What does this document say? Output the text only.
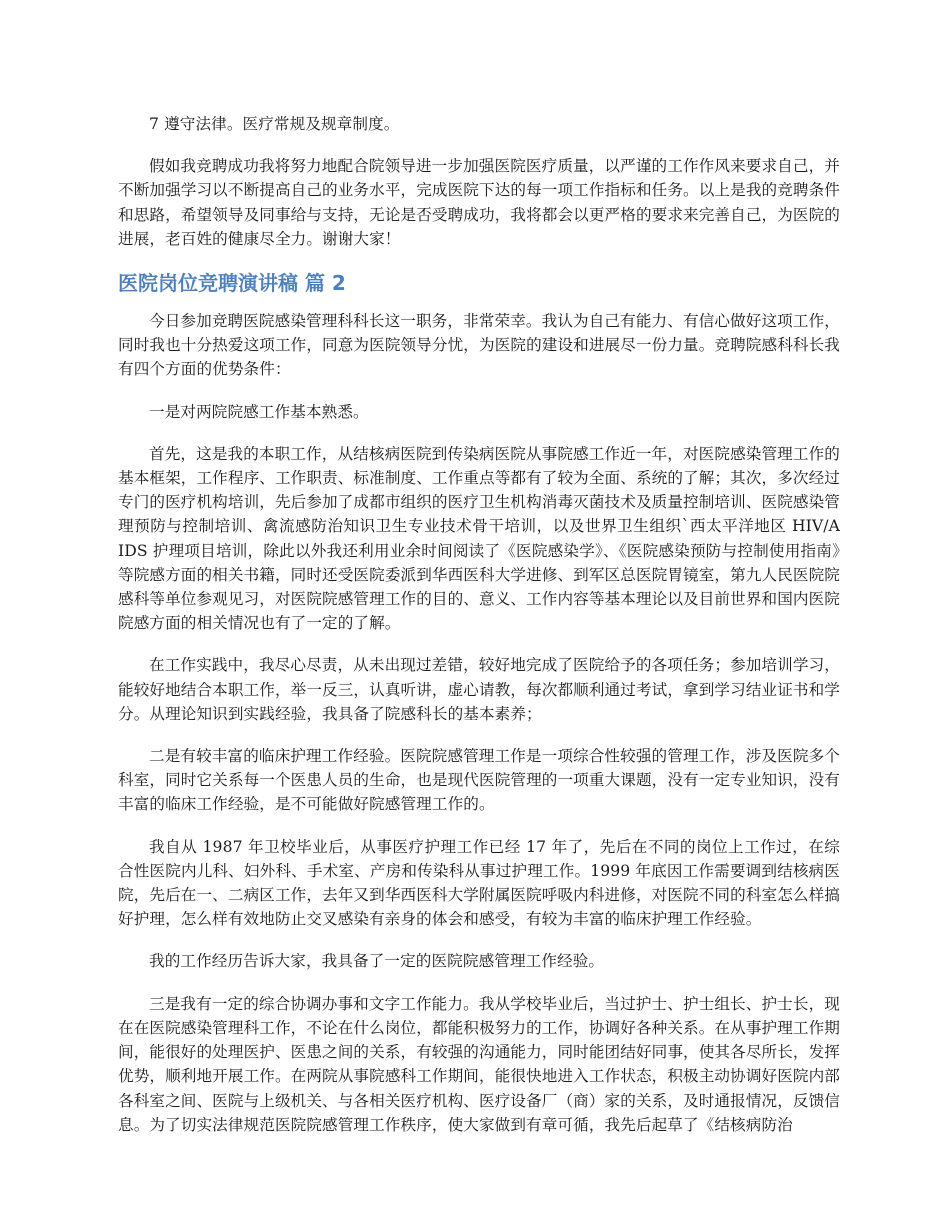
7 遵守法律。医疗常规及规章制度。

假如我竞聘成功我将努力地配合院领导进一步加强医院医疗质量，以严谨的工作作风来要求自己，并不断加强学习以不断提高自己的业务水平，完成医院下达的每一项工作指标和任务。以上是我的竞聘条件和思路，希望领导及同事给与支持，无论是否受聘成功，我将都会以更严格的要求来完善自己，为医院的进展，老百姓的健康尽全力。谢谢大家！

医院岗位竞聘演讲稿 篇 2

今日参加竞聘医院感染管理科科长这一职务，非常荣幸。我认为自己有能力、有信心做好这项工作，同时我也十分热爱这项工作，同意为医院领导分忧，为医院的建设和进展尽一份力量。竞聘院感科科长我有四个方面的优势条件：

一是对两院院感工作基本熟悉。

首先，这是我的本职工作，从结核病医院到传染病医院从事院感工作近一年，对医院感染管理工作的基本框架，工作程序、工作职责、标准制度、工作重点等都有了较为全面、系统的了解；其次，多次经过专门的医疗机构培训，先后参加了成都市组织的医疗卫生机构消毒灭菌技术及质量控制培训、医院感染管理预防与控制培训、禽流感防治知识卫生专业技术骨干培训，以及世界卫生组织`西太平洋地区 HIV/A IDS 护理项目培训，除此以外我还利用业余时间阅读了《医院感染学》、《医院感染预防与控制使用指南》等院感方面的相关书籍，同时还受医院委派到华西医科大学进修、到军区总医院胃镜室，第九人民医院院感科等单位参观见习，对医院院感管理工作的目的、意义、工作内容等基本理论以及目前世界和国内医院院感方面的相关情况也有了一定的了解。

在工作实践中，我尽心尽责，从未出现过差错，较好地完成了医院给予的各项任务；参加培训学习，能较好地结合本职工作，举一反三，认真听讲，虚心请教，每次都顺利通过考试，拿到学习结业证书和学分。从理论知识到实践经验，我具备了院感科长的基本素养；

二是有较丰富的临床护理工作经验。医院院感管理工作是一项综合性较强的管理工作，涉及医院多个科室，同时它关系每一个医患人员的生命，也是现代医院管理的一项重大课题，没有一定专业知识，没有丰富的临床工作经验，是不可能做好院感管理工作的。

我自从 1987 年卫校毕业后，从事医疗护理工作已经 17 年了，先后在不同的岗位上工作过，在综合性医院内儿科、妇外科、手术室、产房和传染科从事过护理工作。1999 年底因工作需要调到结核病医院，先后在一、二病区工作，去年又到华西医科大学附属医院呼吸内科进修，对医院不同的科室怎么样搞好护理，怎么样有效地防止交叉感染有亲身的体会和感受，有较为丰富的临床护理工作经验。

我的工作经历告诉大家，我具备了一定的医院院感管理工作经验。

三是我有一定的综合协调办事和文字工作能力。我从学校毕业后，当过护士、护士组长、护士长，现在在医院感染管理科工作，不论在什么岗位，都能积极努力的工作，协调好各种关系。在从事护理工作期间，能很好的处理医护、医患之间的关系，有较强的沟通能力，同时能团结好同事，使其各尽所长，发挥优势，顺利地开展工作。在两院从事院感科工作期间，能很快地进入工作状态，积极主动协调好医院内部各科室之间、医院与上级机关、与各相关医疗机构、医疗设备厂（商）家的关系，及时通报情况，反馈信息。为了切实法律规范医院院感管理工作秩序，使大家做到有章可循，我先后起草了《结核病防治
